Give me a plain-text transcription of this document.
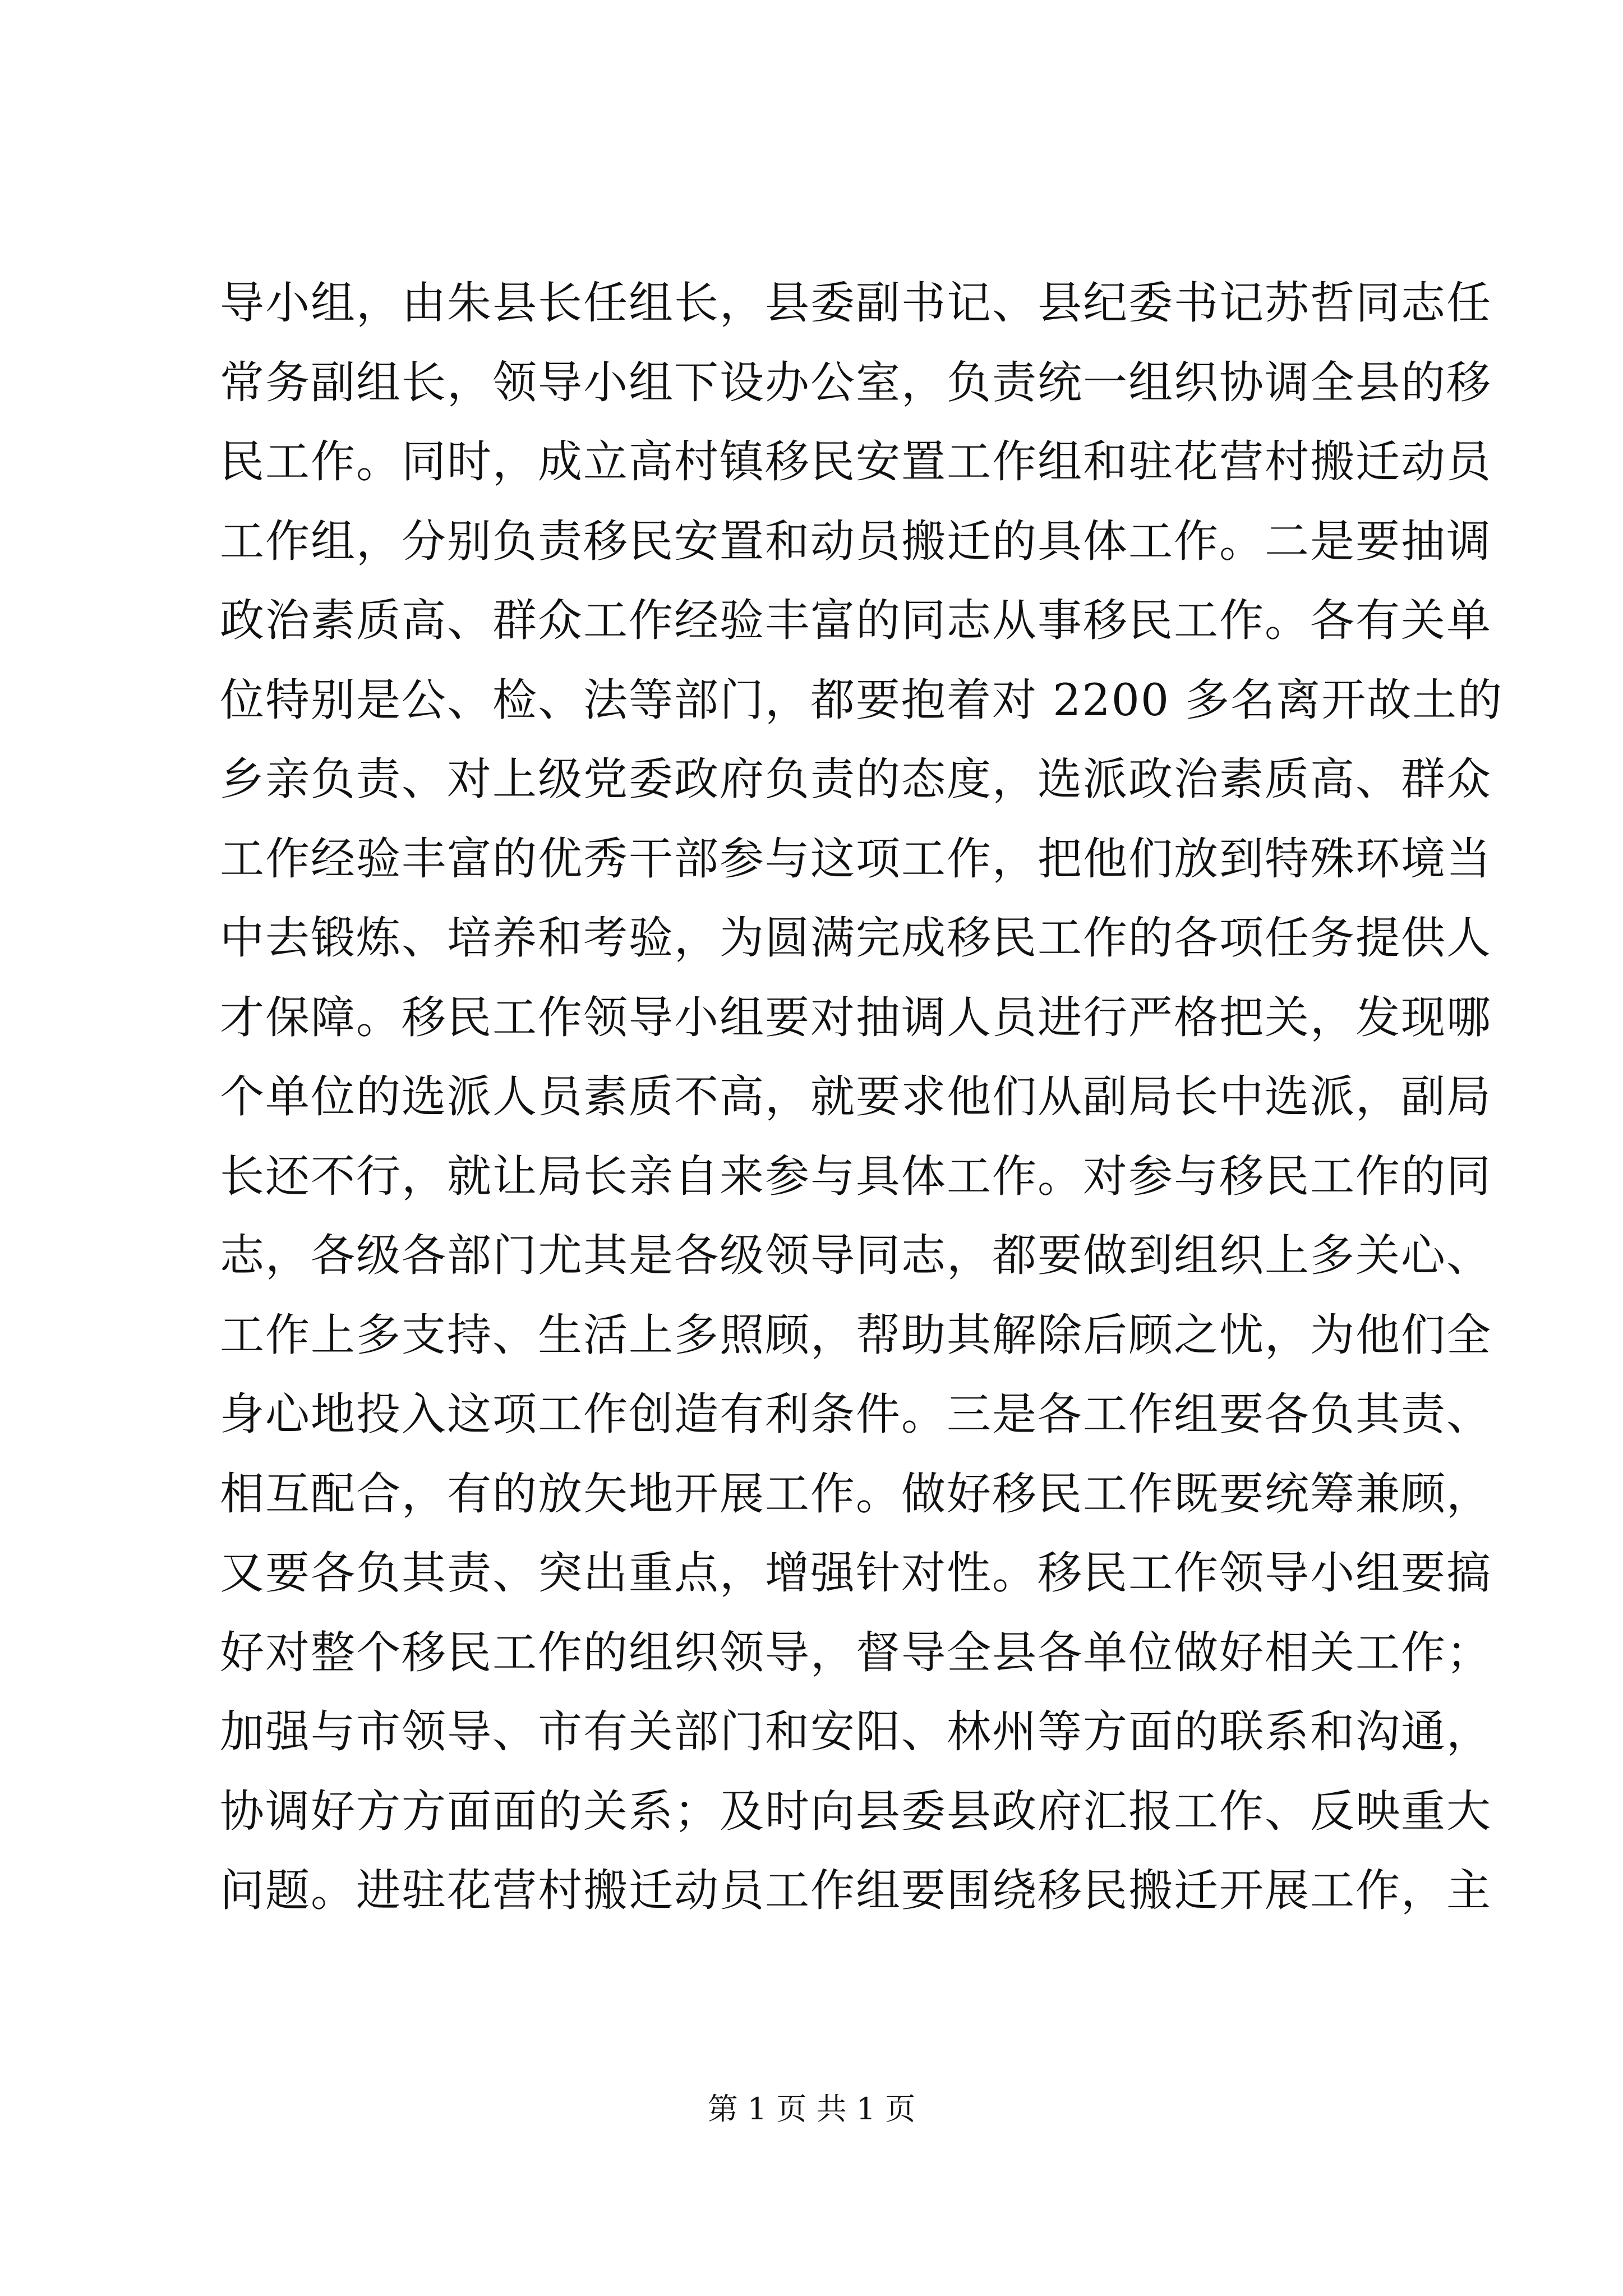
导小组，由朱县长任组长，县委副书记、县纪委书记苏哲同志任
常务副组长，领导小组下设办公室，负责统一组织协调全县的移
民工作。同时，成立高村镇移民安置工作组和驻花营村搬迁动员
工作组，分别负责移民安置和动员搬迁的具体工作。二是要抽调
政治素质高、群众工作经验丰富的同志从事移民工作。各有关单
位特别是公、检、法等部门，都要抱着对 2200 多名离开故土的
乡亲负责、对上级党委政府负责的态度，选派政治素质高、群众
工作经验丰富的优秀干部参与这项工作，把他们放到特殊环境当
中去锻炼、培养和考验，为圆满完成移民工作的各项任务提供人
才保障。移民工作领导小组要对抽调人员进行严格把关，发现哪
个单位的选派人员素质不高，就要求他们从副局长中选派，副局
长还不行，就让局长亲自来参与具体工作。对参与移民工作的同
志，各级各部门尤其是各级领导同志，都要做到组织上多关心、
工作上多支持、生活上多照顾，帮助其解除后顾之忧，为他们全
身心地投入这项工作创造有利条件。三是各工作组要各负其责、
相互配合，有的放矢地开展工作。做好移民工作既要统筹兼顾，
又要各负其责、突出重点，增强针对性。移民工作领导小组要搞
好对整个移民工作的组织领导，督导全县各单位做好相关工作；
加强与市领导、市有关部门和安阳、林州等方面的联系和沟通，
协调好方方面面的关系；及时向县委县政府汇报工作、反映重大
问题。进驻花营村搬迁动员工作组要围绕移民搬迁开展工作，主
第 1 页 共 1 页
